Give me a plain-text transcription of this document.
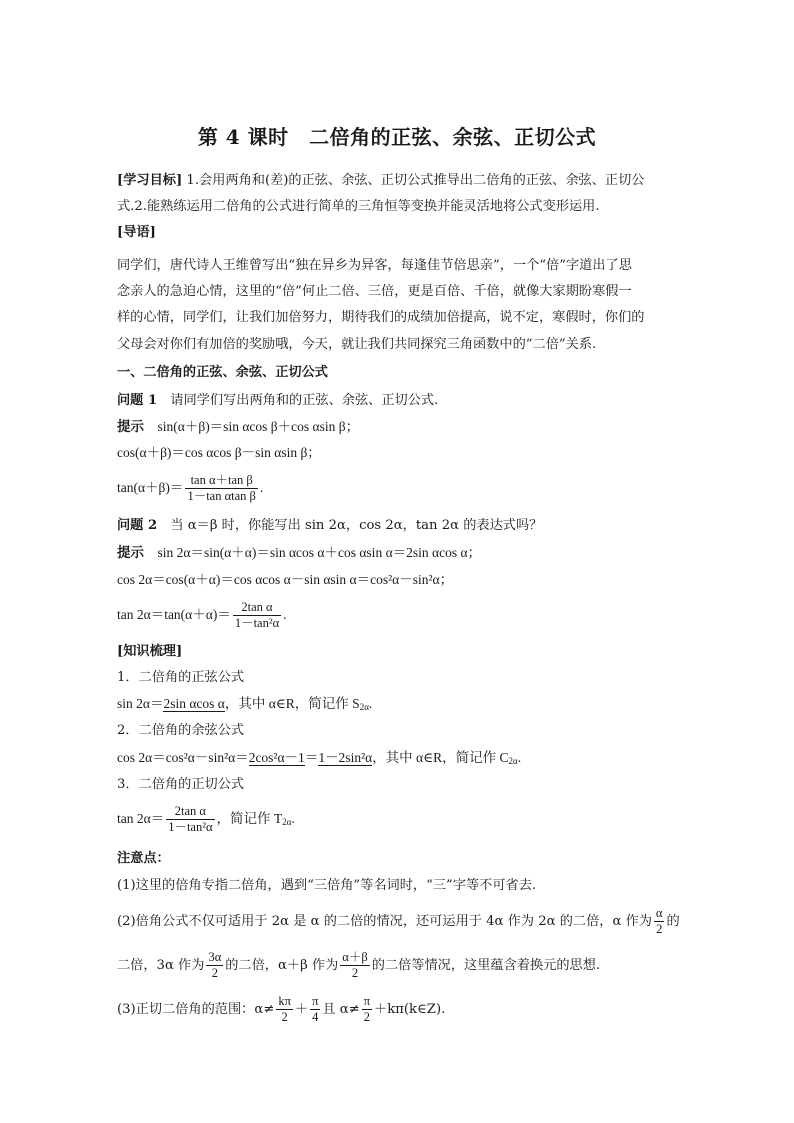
第 4 课时　二倍角的正弦、余弦、正切公式
[学习目标] 1.会用两角和(差)的正弦、余弦、正切公式推导出二倍角的正弦、余弦、正切公
式.2.能熟练运用二倍角的公式进行简单的三角恒等变换并能灵活地将公式变形运用.
[导语]
同学们，唐代诗人王维曾写出“独在异乡为异客，每逢佳节倍思亲”，一个“倍”字道出了思
念亲人的急迫心情，这里的“倍”何止二倍、三倍，更是百倍、千倍，就像大家期盼寒假一
样的心情，同学们，让我们加倍努力，期待我们的成绩加倍提高，说不定，寒假时，你们的
父母会对你们有加倍的奖励哦，今天，就让我们共同探究三角函数中的“二倍”关系.
一、二倍角的正弦、余弦、正切公式
问题 1　请同学们写出两角和的正弦、余弦、正切公式.
提示　sin(α＋β)＝sin αcos β＋cos αsin β；
cos(α＋β)＝cos αcos β－sin αsin β；
$\tan(\alpha+\beta)= \frac{\text{tan α＋tan β}}{\text{1－tan αtan β}}$ .
问题 2　当 α＝β 时，你能写出 sin 2α，cos 2α，tan 2α 的表达式吗？
提示　sin 2α＝sin(α＋α)＝sin αcos α＋cos αsin α＝2sin αcos α；
cos 2α＝cos(α＋α)＝cos αcos α－sin αsin α＝cos²α－sin²α；
$\tan 2\alpha=\tan(\alpha+\alpha)= \frac{\text{2tan α}}{\text{1－tan²α}}$ .
[知识梳理]
1．二倍角的正弦公式
sin 2α＝2sin αcos α，其中 α∈R，简记作 S2α.
2．二倍角的余弦公式
cos 2α＝cos²α－sin²α＝2cos²α－1＝1－2sin²α，其中 α∈R，简记作 C2α.
3．二倍角的正切公式
$\tan 2\alpha= \frac{\text{2tan α}}{\text{1－tan²α}}$ ，简记作 T2α.
注意点：
(1)这里的倍角专指二倍角，遇到“三倍角”等名词时，“三”字等不可省去.
(2)倍角公式不仅可适用于 2α 是 α 的二倍的情况，还可运用于 4α 作为 2α 的二倍，α 作为 $\frac{\alpha}{2}$ 的
二倍，3α 作为 $\frac{3\alpha}{2}$ 的二倍，α＋β 作为 $\frac{\alpha+\beta}{2}$ 的二倍等情况，这里蕴含着换元的思想.
(3)正切二倍角的范围：$\alpha\ne \frac{k\pi}{2} + \frac{\pi}{4}$ 且 $\alpha\ne \frac{\pi}{2}$ ＋kπ(k∈Z).
